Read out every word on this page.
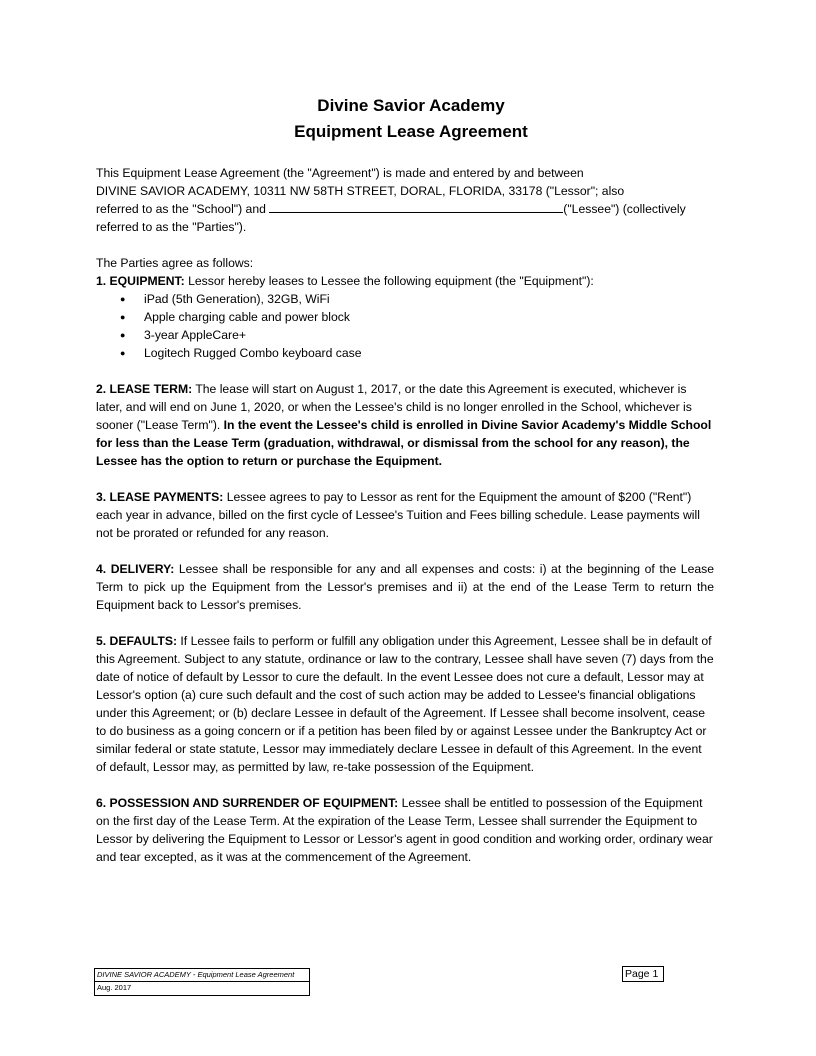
Divine Savior Academy
Equipment Lease Agreement

This Equipment Lease Agreement (the "Agreement") is made and entered by and between
DIVINE SAVIOR ACADEMY, 10311 NW 58TH STREET, DORAL, FLORIDA, 33178 ("Lessor"; also
referred to as the "School") and	("Lessee") (collectively
referred to as the "Parties").

The Parties agree as follows:

1. EQUIPMENT: Lessor hereby leases to Lessee the following equipment (the "Equipment"):

● iPad (5th Generation), 32GB, WiFi
● Apple charging cable and power block
● 3-year AppleCare+
● Logitech Rugged Combo keyboard case

2. LEASE TERM: The lease will start on August 1, 2017, or the date this Agreement is executed, whichever is later, and will end on June 1, 2020, or when the Lessee's child is no longer enrolled in the School, whichever is sooner ("Lease Term"). In the event the Lessee's child is enrolled in Divine Savior Academy's Middle School for less than the Lease Term (graduation, withdrawal, or dismissal from the school for any reason), the Lessee has the option to return or purchase the Equipment.

3. LEASE PAYMENTS: Lessee agrees to pay to Lessor as rent for the Equipment the amount of $200 ("Rent") each year in advance, billed on the first cycle of Lessee's Tuition and Fees billing schedule. Lease payments will not be prorated or refunded for any reason.

4. DELIVERY: Lessee shall be responsible for any and all expenses and costs: i) at the beginning of the Lease Term to pick up the Equipment from the Lessor's premises and ii) at the end of the Lease Term to return the Equipment back to Lessor's premises.

5. DEFAULTS: If Lessee fails to perform or fulfill any obligation under this Agreement, Lessee shall be in default of this Agreement. Subject to any statute, ordinance or law to the contrary, Lessee shall have seven (7) days from the date of notice of default by Lessor to cure the default. In the event Lessee does not cure a default, Lessor may at Lessor's option (a) cure such default and the cost of such action may be added to Lessee's financial obligations under this Agreement; or (b) declare Lessee in default of the Agreement. If Lessee shall become insolvent, cease to do business as a going concern or if a petition has been filed by or against Lessee under the Bankruptcy Act or similar federal or state statute, Lessor may immediately declare Lessee in default of this Agreement. In the event of default, Lessor may, as permitted by law, re-take possession of the Equipment.

6. POSSESSION AND SURRENDER OF EQUIPMENT: Lessee shall be entitled to possession of the Equipment on the first day of the Lease Term. At the expiration of the Lease Term, Lessee shall surrender the Equipment to Lessor by delivering the Equipment to Lessor or Lessor's agent in good condition and working order, ordinary wear and tear excepted, as it was at the commencement of the Agreement.

DIVINE SAVIOR ACADEMY - Equipment Lease Agreement
Aug. 2017
Page 1
